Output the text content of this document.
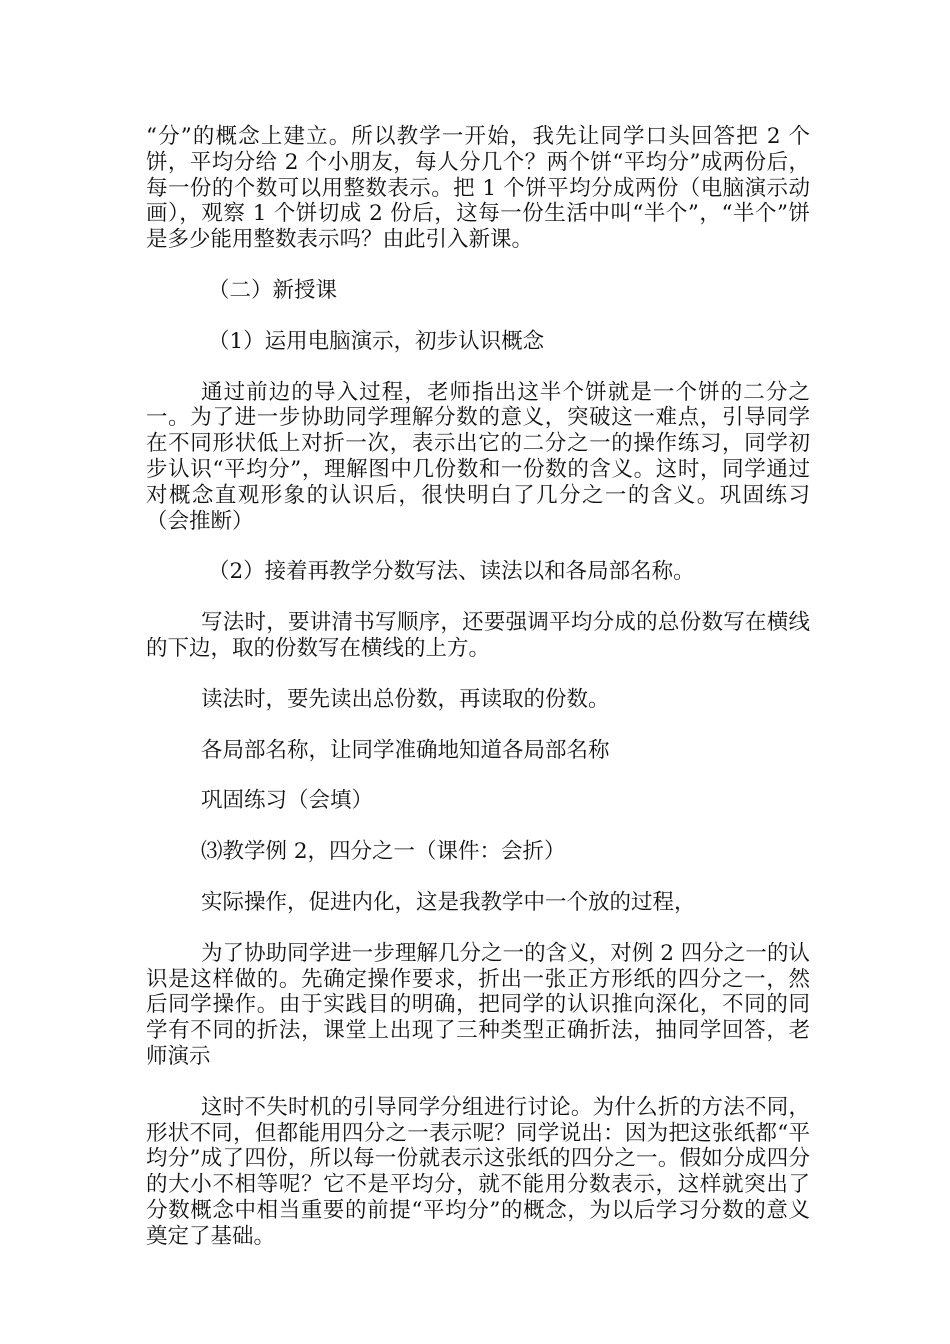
“分”的概念上建立。所以教学一开始，我先让同学口头回答把 2 个饼，平均分给 2 个小朋友，每人分几个？两个饼“平均分”成两份后，每一份的个数可以用整数表示。把 1 个饼平均分成两份（电脑演示动画），观察 1 个饼切成 2 份后，这每一份生活中叫“半个”，“半个”饼是多少能用整数表示吗？由此引入新课。

（二）新授课

（1）运用电脑演示，初步认识概念

通过前边的导入过程，老师指出这半个饼就是一个饼的二分之一。为了进一步协助同学理解分数的意义，突破这一难点，引导同学在不同形状低上对折一次，表示出它的二分之一的操作练习，同学初步认识“平均分”，理解图中几份数和一份数的含义。这时，同学通过对概念直观形象的认识后，很快明白了几分之一的含义。巩固练习（会推断）

（2）接着再教学分数写法、读法以和各局部名称。

写法时，要讲清书写顺序，还要强调平均分成的总份数写在横线的下边，取的份数写在横线的上方。

读法时，要先读出总份数，再读取的份数。

各局部名称，让同学准确地知道各局部名称

巩固练习（会填）

⑶教学例 2，四分之一（课件：会折）

实际操作，促进内化，这是我教学中一个放的过程，

为了协助同学进一步理解几分之一的含义，对例 2 四分之一的认识是这样做的。先确定操作要求，折出一张正方形纸的四分之一，然后同学操作。由于实践目的明确，把同学的认识推向深化，不同的同学有不同的折法，课堂上出现了三种类型正确折法，抽同学回答，老师演示

这时不失时机的引导同学分组进行讨论。为什么折的方法不同，形状不同，但都能用四分之一表示呢？同学说出：因为把这张纸都“平均分”成了四份，所以每一份就表示这张纸的四分之一。假如分成四分的大小不相等呢？它不是平均分，就不能用分数表示，这样就突出了分数概念中相当重要的前提“平均分”的概念，为以后学习分数的意义奠定了基础。
